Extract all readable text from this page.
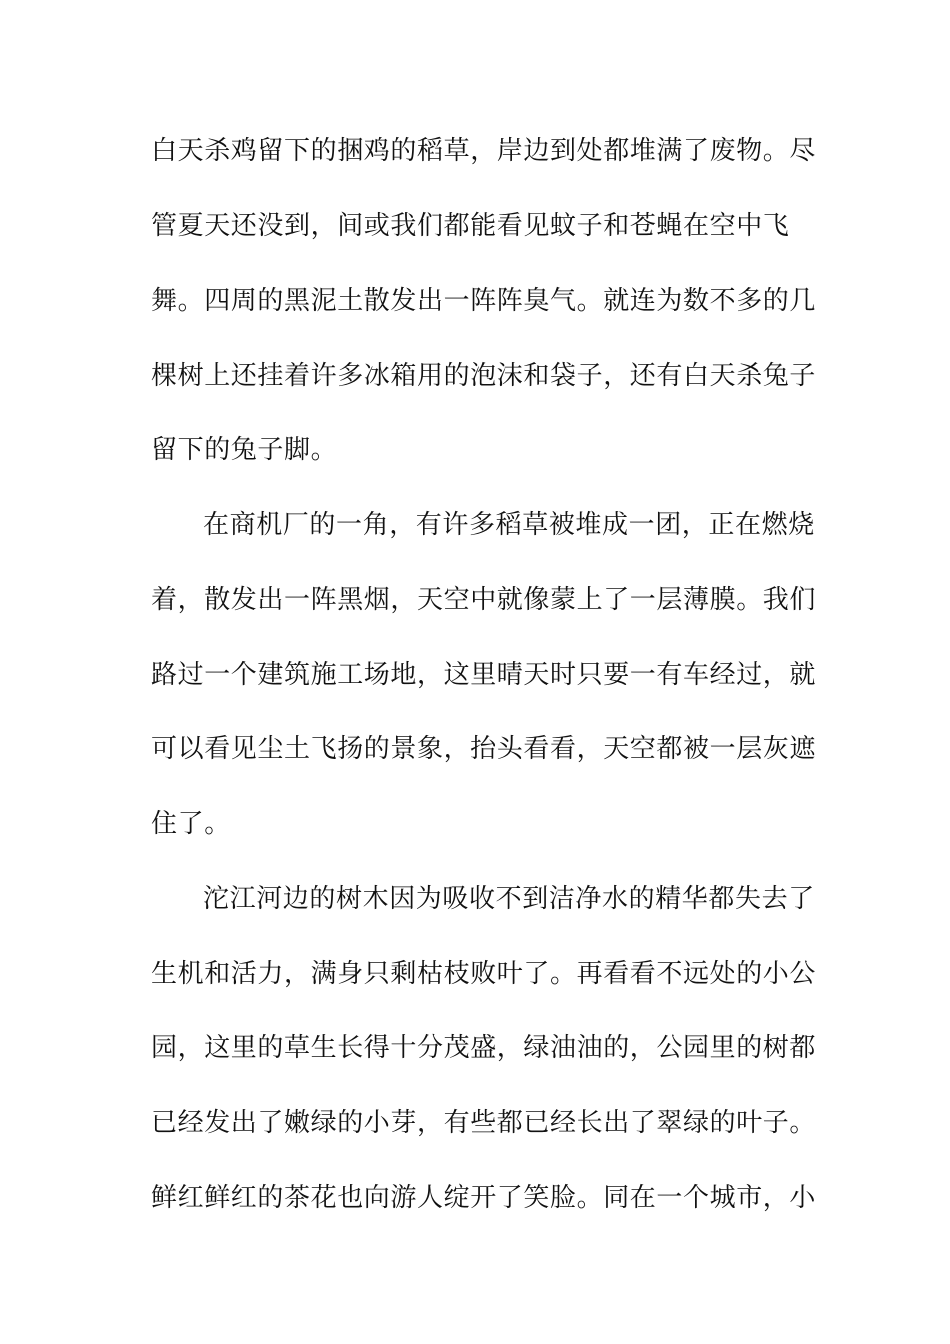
白天杀鸡留下的捆鸡的稻草，岸边到处都堆满了废物。尽
管夏天还没到，间或我们都能看见蚊子和苍蝇在空中飞
舞。四周的黑泥土散发出一阵阵臭气。就连为数不多的几
棵树上还挂着许多冰箱用的泡沫和袋子，还有白天杀兔子
留下的兔子脚。
在商机厂的一角，有许多稻草被堆成一团，正在燃烧
着，散发出一阵黑烟，天空中就像蒙上了一层薄膜。我们
路过一个建筑施工场地，这里晴天时只要一有车经过，就
可以看见尘土飞扬的景象，抬头看看，天空都被一层灰遮
住了。
沱江河边的树木因为吸收不到洁净水的精华都失去了
生机和活力，满身只剩枯枝败叶了。再看看不远处的小公
园，这里的草生长得十分茂盛，绿油油的，公园里的树都
已经发出了嫩绿的小芽，有些都已经长出了翠绿的叶子。
鲜红鲜红的茶花也向游人绽开了笑脸。同在一个城市，小
